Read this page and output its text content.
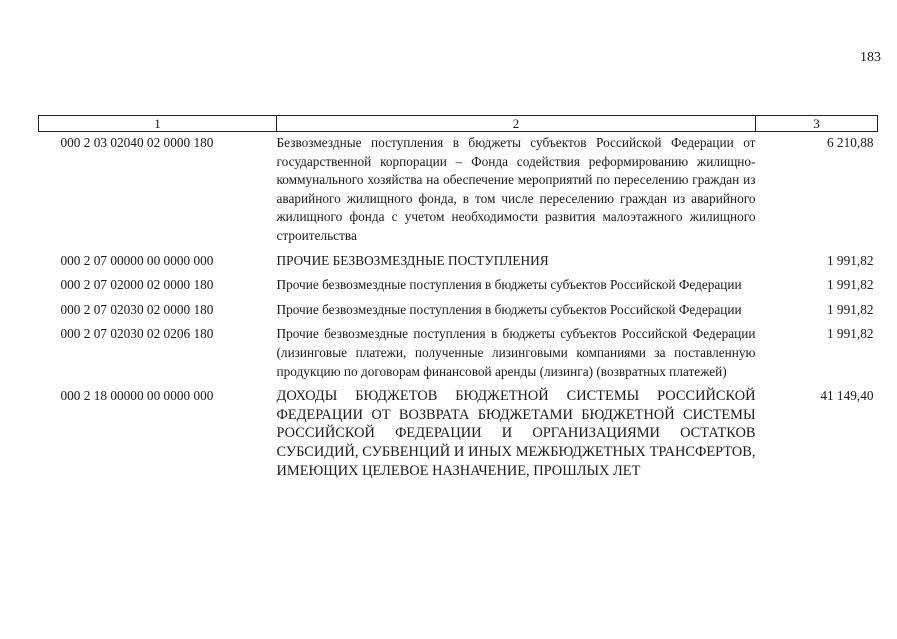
183
1	2	3
000 2 03 02040 02 0000 180	Безвозмездные поступления в бюджеты субъектов Российской Федерации от государственной корпорации – Фонда содействия реформированию жилищно-коммунального хозяйства на обеспечение мероприятий по переселению граждан из аварийного жилищного фонда, в том числе переселению граждан из аварийного жилищного фонда с учетом необходимости развития малоэтажного жилищного строительства	6 210,88
000 2 07 00000 00 0000 000	ПРОЧИЕ БЕЗВОЗМЕЗДНЫЕ ПОСТУПЛЕНИЯ	1 991,82
000 2 07 02000 02 0000 180	Прочие безвозмездные поступления в бюджеты субъектов Российской Федерации	1 991,82
000 2 07 02030 02 0000 180	Прочие безвозмездные поступления в бюджеты субъектов Российской Федерации	1 991,82
000 2 07 02030 02 0206 180	Прочие безвозмездные поступления в бюджеты субъектов Российской Федерации (лизинговые платежи, полученные лизинговыми компаниями за поставленную продукцию по договорам финансовой аренды (лизинга) (возвратных платежей)	1 991,82
000 2 18 00000 00 0000 000	ДОХОДЫ БЮДЖЕТОВ БЮДЖЕТНОЙ СИСТЕМЫ РОССИЙСКОЙ ФЕДЕРАЦИИ ОТ ВОЗВРАТА БЮДЖЕТАМИ БЮДЖЕТНОЙ СИСТЕМЫ РОССИЙСКОЙ ФЕДЕРАЦИИ И ОРГАНИЗАЦИЯМИ ОСТАТКОВ СУБСИДИЙ, СУБВЕНЦИЙ И ИНЫХ МЕЖБЮДЖЕТНЫХ ТРАНСФЕРТОВ, ИМЕЮЩИХ ЦЕЛЕВОЕ НАЗНАЧЕНИЕ, ПРОШЛЫХ ЛЕТ	41 149,40
